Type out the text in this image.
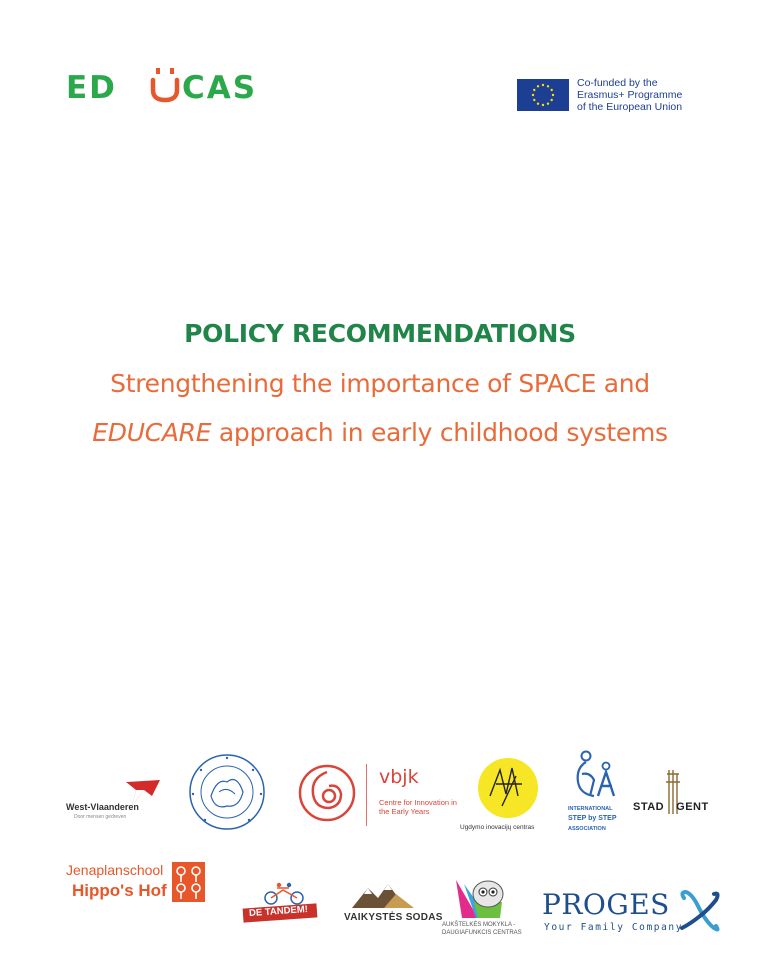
ED CAS	Co-funded by the
Erasmus+ Programme
of the European Union
POLICY RECOMMENDATIONS

Strengthening the importance of SPACE and

EDUCARE approach in early childhood systems

West-Vlaanderen
Door mensen gedreven
vbjk
Centre for Innovation in the Early Years
Ugdymo inovacijų centras
INTERNATIONAL
STEP by STEP
ASSOCIATION
STAD GENT
Jenaplanschool
Hippo's Hof
DE TANDEM!	VAIKYSTĖS SODAS
AUKŠTELKĖS MOKYKLA -
DAUGIAFUNKCIS CENTRAS
PROGES
Your Family Company
